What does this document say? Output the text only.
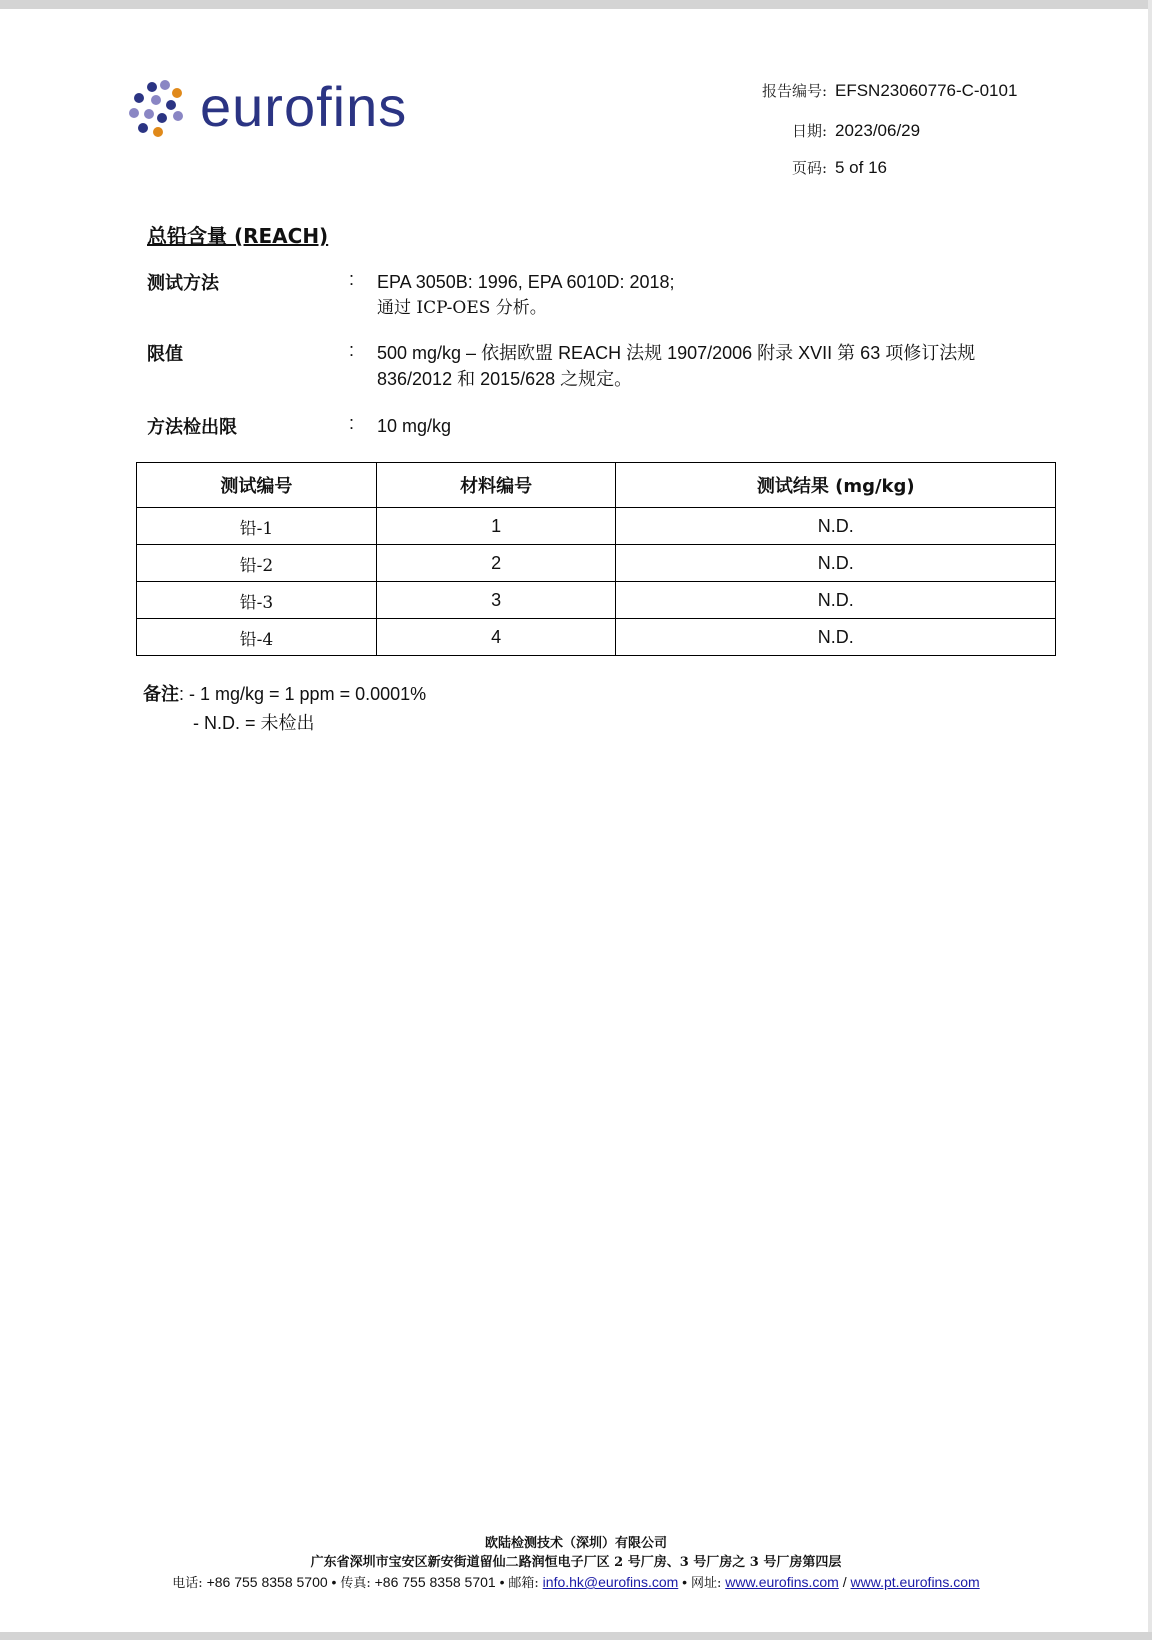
eurofins	报告编号: EFSN23060776-C-0101
日期: 2023/06/29
页码: 5 of 16
总铅含量 (REACH)
测试方法	: EPA 3050B: 1996, EPA 6010D: 2018;
通过 ICP-OES 分析。
限值	: 500 mg/kg – 依据欧盟 REACH 法规 1907/2006 附录 XVII 第 63 项修订法规
836/2012 和 2015/628 之规定。
方法检出限	: 10 mg/kg
测试编号	材料编号	测试结果 (mg/kg)
铅-1	1	N.D.
铅-2	2	N.D.
铅-3	3	N.D.
铅-4	4	N.D.
备注: - 1 mg/kg = 1 ppm = 0.0001%
- N.D. = 未检出
欧陆检测技术（深圳）有限公司
广东省深圳市宝安区新安街道留仙二路润恒电子厂区 2 号厂房、3 号厂房之 3 号厂房第四层
电话: +86 755 8358 5700 • 传真: +86 755 8358 5701 • 邮箱: info.hk@eurofins.com • 网址: www.eurofins.com / www.pt.eurofins.com
